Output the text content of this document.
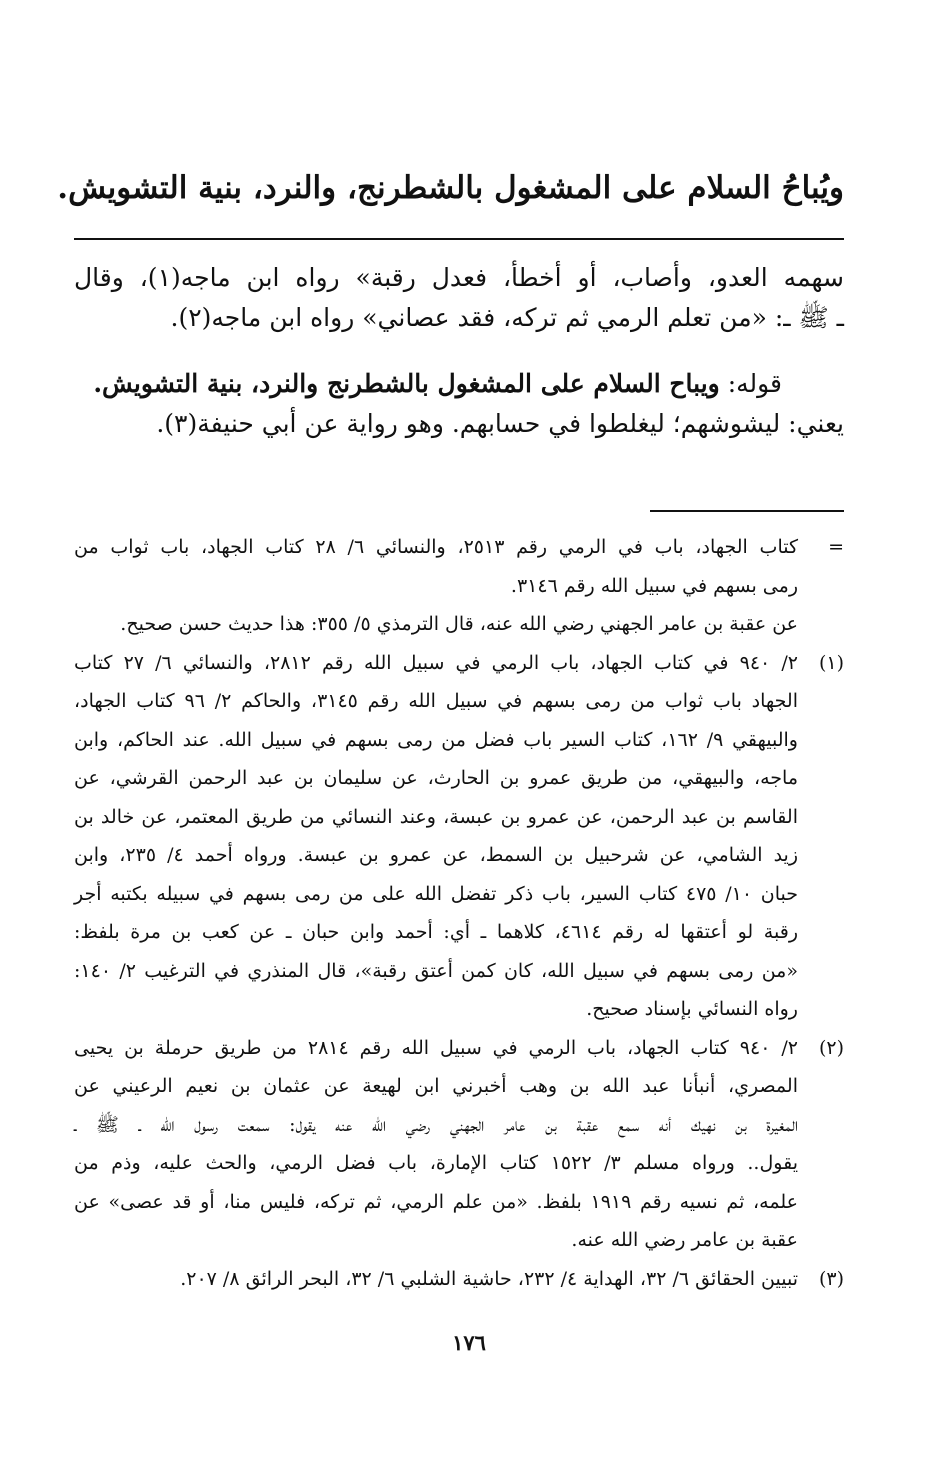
ويُباحُ السلام على المشغول بالشطرنج، والنرد، بنية التشويش.
سهمه العدو، وأصاب، أو أخطأ، فعدل رقبة» رواه ابن ماجه(١)، وقال
ـ ﷺ ـ: «من تعلم الرمي ثم تركه، فقد عصاني» رواه ابن ماجه(٢).
قوله: ويباح السلام على المشغول بالشطرنج والنرد، بنية التشويش.
يعني: ليشوشهم؛ ليغلطوا في حسابهم. وهو رواية عن أبي حنيفة(٣).
=
كتاب الجهاد، باب في الرمي رقم ٢٥١٣، والنسائي ٦/ ٢٨ كتاب الجهاد، باب ثواب من
رمى بسهم في سبيل الله رقم ٣١٤٦.
عن عقبة بن عامر الجهني رضي الله عنه، قال الترمذي ٥/ ٣٥٥: هذا حديث حسن صحيح.
(١)
٢/ ٩٤٠ في كتاب الجهاد، باب الرمي في سبيل الله رقم ٢٨١٢، والنسائي ٦/ ٢٧ كتاب
الجهاد باب ثواب من رمى بسهم في سبيل الله رقم ٣١٤٥، والحاكم ٢/ ٩٦ كتاب الجهاد،
والبيهقي ٩/ ١٦٢، كتاب السير باب فضل من رمى بسهم في سبيل الله. عند الحاكم، وابن
ماجه، والبيهقي، من طريق عمرو بن الحارث، عن سليمان بن عبد الرحمن القرشي، عن
القاسم بن عبد الرحمن، عن عمرو بن عبسة، وعند النسائي من طريق المعتمر، عن خالد بن
زيد الشامي، عن شرحبيل بن السمط، عن عمرو بن عبسة. ورواه أحمد ٤/ ٢٣٥، وابن
حبان ١٠/ ٤٧٥ كتاب السير، باب ذكر تفضل الله على من رمى بسهم في سبيله بكتبه أجر
رقبة لو أعتقها له رقم ٤٦١٤، كلاهما ـ أي: أحمد وابن حبان ـ عن كعب بن مرة بلفظ:
«من رمى بسهم في سبيل الله، كان كمن أعتق رقبة»، قال المنذري في الترغيب ٢/ ١٤٠:
رواه النسائي بإسناد صحيح.
(٢)
٢/ ٩٤٠ كتاب الجهاد، باب الرمي في سبيل الله رقم ٢٨١٤ من طريق حرملة بن يحيى
المصري، أنبأنا عبد الله بن وهب أخبرني ابن لهيعة عن عثمان بن نعيم الرعيني عن
المغيرة بن نهيك أنه سمع عقبة بن عامر الجهني رضي الله عنه يقول: سمعت رسول الله ـ ﷺ ـ
يقول.. ورواه مسلم ٣/ ١٥٢٢ كتاب الإمارة، باب فضل الرمي، والحث عليه، وذم من
علمه، ثم نسيه رقم ١٩١٩ بلفظ. «من علم الرمي، ثم تركه، فليس منا، أو قد عصى» عن
عقبة بن عامر رضي الله عنه.
(٣)
تبيين الحقائق ٦/ ٣٢، الهداية ٤/ ٢٣٢، حاشية الشلبي ٦/ ٣٢، البحر الرائق ٨/ ٢٠٧.
١٧٦
